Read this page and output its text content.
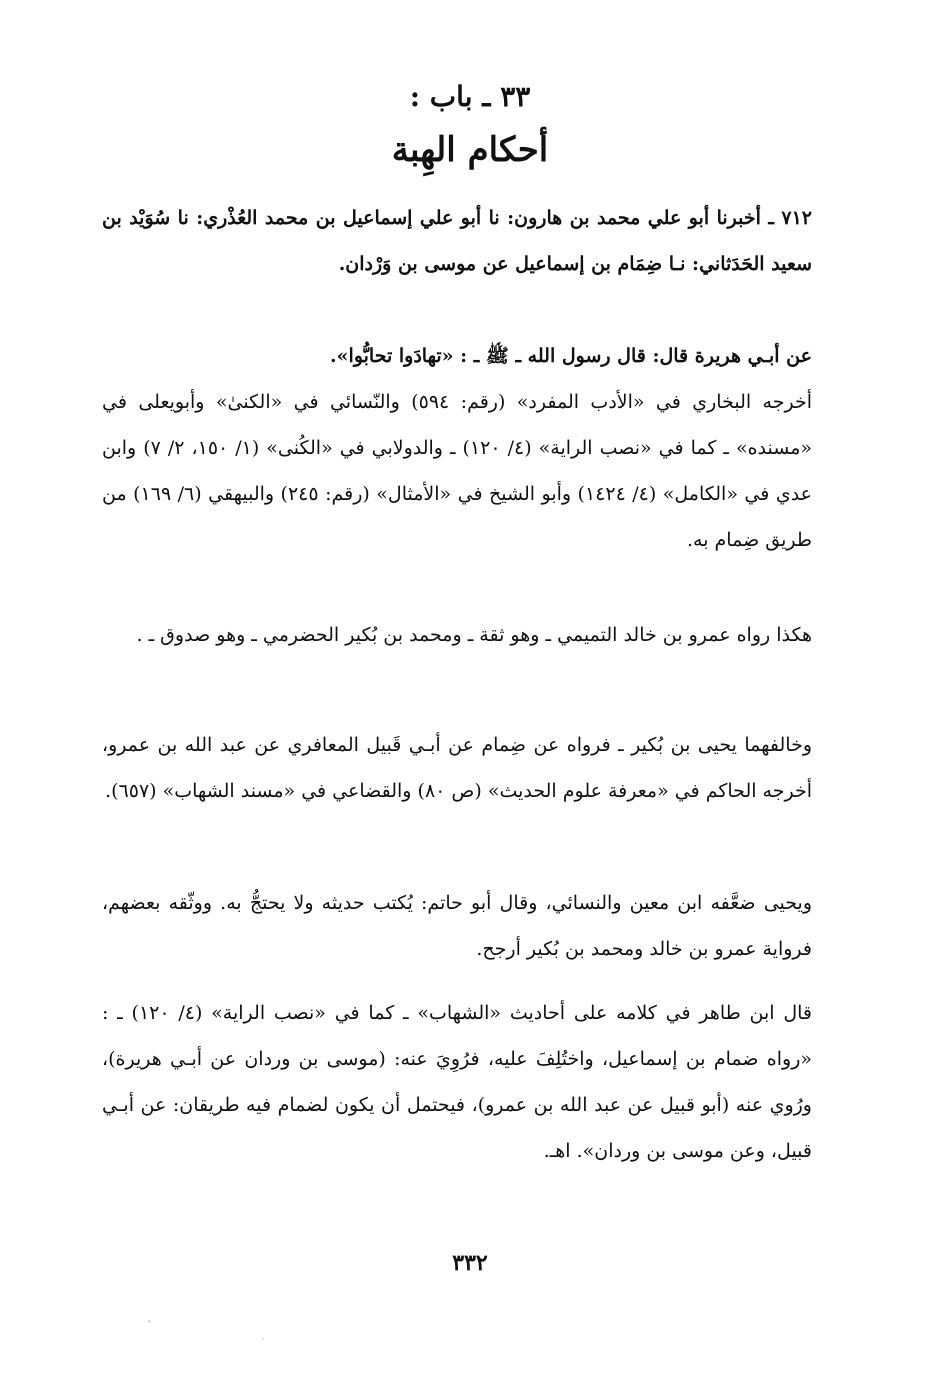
٣٣ ـ باب :
أحكام الهِبة

٧١٢ ـ أخبرنا أبو علي محمد بن هارون: نا أبو علي إسماعيل بن محمد العُذْري: نا سُوَيْد بن سعيد الحَدَثاني: نـا ضِمَام بن إسماعيل عن موسى بن وَرْدان.

عن أبـي هريرة قال: قال رسول الله ـ ﷺ ـ : «تهادَوا تحابُّوا».

أخرجه البخاري في «الأدب المفرد» (رقم: ٥٩٤) والنّسائي في «الكنىٰ» وأبويعلى في «مسنده» ـ كما في «نصب الراية» (٤/ ١٢٠) ـ والدولابي في «الكُنى» (١/ ١٥٠، ٢/ ٧) وابن عدي في «الكامل» (٤/ ١٤٢٤) وأبو الشيخ في «الأمثال» (رقم: ٢٤٥) والبيهقي (٦/ ١٦٩) من طريق ضِمام به.

هكذا رواه عمرو بن خالد التميمي ـ وهو ثقة ـ ومحمد بن بُكير الحضرمي ـ وهو صدوق ـ .

وخالفهما يحيى بن بُكير ـ فرواه عن ضِمام عن أبـي قَبيل المعافري عن عبد الله بن عمرو، أخرجه الحاكم في «معرفة علوم الحديث» (ص ٨٠) والقضاعي في «مسند الشهاب» (٦٥٧).

ويحيى ضعَّفه ابن معين والنسائي، وقال أبو حاتم: يُكتب حديثه ولا يحتجُّ به. ووثّقه بعضهم، فرواية عمرو بن خالد ومحمد بن بُكير أرجح.

قال ابن طاهر في كلامه على أحاديث «الشهاب» ـ كما في «نصب الراية» (٤/ ١٢٠) ـ : «رواه ضمام بن إسماعيل، واختُلِفَ عليه، فرُوِيَ عنه: (موسى بن وردان عن أبـي هريرة)، ورُوي عنه (أبو قبيل عن عبد الله بن عمرو)، فيحتمل أن يكون لضمام فيه طريقان: عن أبـي قبيل، وعن موسى بن وردان». اهـ.

٣٣٢
